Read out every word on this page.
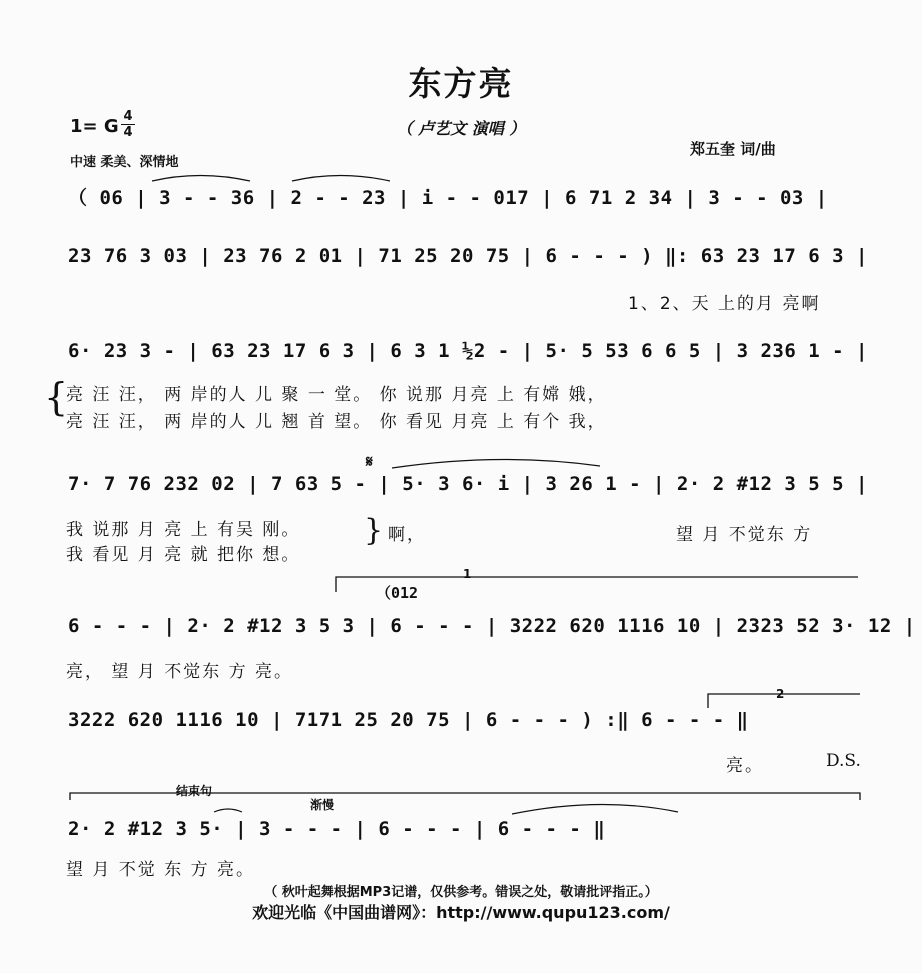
东方亮
（ 卢艺文 演唱 ）
1= G 4
4
中速 柔美、深情地
郑五奎 词/曲
（ 06 | 3 - - 36 | 2 - - 23 | i - - 017 | 6 71 2 34 | 3 - - 03 |
23 76 3 03 | 23 76 2 01 | 71 25 20 75 | 6 - - - ) ‖: 63 23 17 6 3 |
1、2、天 上的月 亮啊
6· 23 3 - | 63 23 17 6 3 | 6 3 1 ½2 - | 5· 5 53 6 6 5 | 3 236 1 - |
{
亮 汪 汪， 两 岸的人 儿 聚 一 堂。 你 说那 月亮 上 有嫦 娥，
亮 汪 汪， 两 岸的人 儿 翘 首 望。 你 看见 月亮 上 有个 我，
𝄋
7· 7 76 232 02 | 7 63 5 - | 5· 3 6· i | 3 26 1 - | 2· 2 #12 3 5 5 |
我 说那 月 亮 上 有吴 刚。
我 看见 月 亮 就 把你 想。
} 啊，	望 月 不觉东 方
1
（012
6 - - - | 2· 2 #12 3 5 3 | 6 - - - | 3222 620 1116 10 | 2323 52 3· 12 |
亮， 望 月 不觉东 方 亮。
2
3222 620 1116 10 | 7171 25 20 75 | 6 - - - ) :‖ 6 - - - ‖
亮。	D.S.
结束句
渐慢
2· 2 #12 3 5· | 3 - - - | 6 - - - | 6 - - - ‖
望 月 不觉 东 方 亮。
（ 秋叶起舞根据MP3记谱，仅供参考。错误之处，敬请批评指正。）
欢迎光临《中国曲谱网》：http://www.qupu123.com/
